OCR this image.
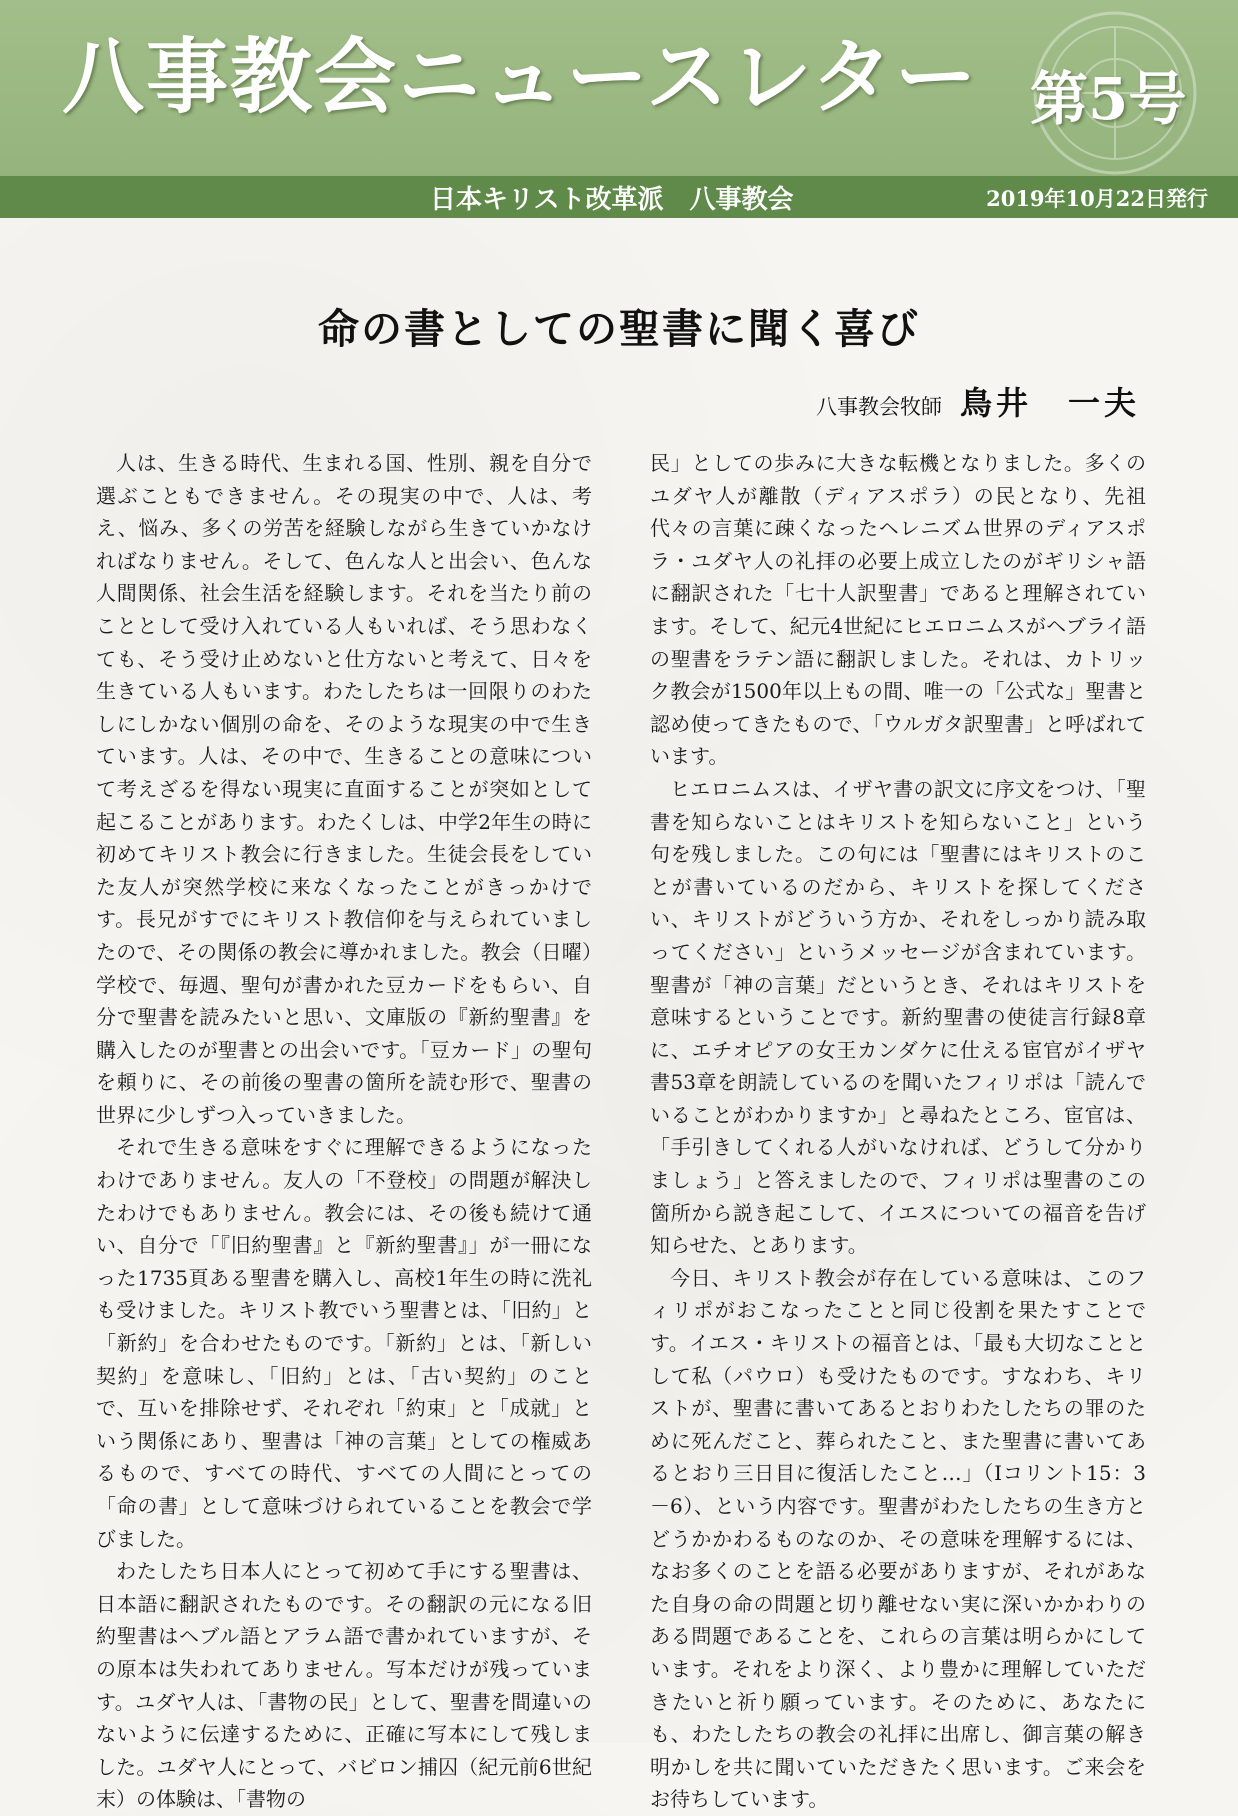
八事教会ニュースレター 第5号
日本キリスト改革派　八事教会	2019年10月22日発行
命の書としての聖書に聞く喜び
八事教会牧師 鳥井　一夫

人は、生きる時代、生まれる国、性別、親を自分で選ぶこともできません。その現実の中で、人は、考え、悩み、多くの労苦を経験しながら生きていかなければなりません。そして、色んな人と出会い、色んな人間関係、社会生活を経験します。それを当たり前のこととして受け入れている人もいれば、そう思わなくても、そう受け止めないと仕方ないと考えて、日々を生きている人もいます。わたしたちは一回限りのわたしにしかない個別の命を、そのような現実の中で生きています。人は、その中で、生きることの意味について考えざるを得ない現実に直面することが突如として起こることがあります。わたくしは、中学2年生の時に初めてキリスト教会に行きました。生徒会長をしていた友人が突然学校に来なくなったことがきっかけです。長兄がすでにキリスト教信仰を与えられていましたので、その関係の教会に導かれました。教会（日曜）学校で、毎週、聖句が書かれた豆カードをもらい、自分で聖書を読みたいと思い、文庫版の『新約聖書』を購入したのが聖書との出会いです。「豆カード」の聖句を頼りに、その前後の聖書の箇所を読む形で、聖書の世界に少しずつ入っていきました。

それで生きる意味をすぐに理解できるようになったわけでありません。友人の「不登校」の問題が解決したわけでもありません。教会には、その後も続けて通い、自分で「『旧約聖書』と『新約聖書』」が一冊になった1735頁ある聖書を購入し、高校1年生の時に洗礼も受けました。キリスト教でいう聖書とは、「旧約」と「新約」を合わせたものです。「新約」とは、「新しい契約」を意味し、「旧約」とは、「古い契約」のことで、互いを排除せず、それぞれ「約束」と「成就」という関係にあり、聖書は「神の言葉」としての権威あるもので、すべての時代、すべての人間にとっての「命の書」として意味づけられていることを教会で学びました。

わたしたち日本人にとって初めて手にする聖書は、日本語に翻訳されたものです。その翻訳の元になる旧約聖書はヘブル語とアラム語で書かれていますが、その原本は失われてありません。写本だけが残っています。ユダヤ人は、「書物の民」として、聖書を間違いのないように伝達するために、正確に写本にして残しました。ユダヤ人にとって、バビロン捕囚（紀元前6世紀末）の体験は、「書物の

民」としての歩みに大きな転機となりました。多くのユダヤ人が離散（ディアスポラ）の民となり、先祖代々の言葉に疎くなったヘレニズム世界のディアスポラ・ユダヤ人の礼拝の必要上成立したのがギリシャ語に翻訳された「七十人訳聖書」であると理解されています。そして、紀元4世紀にヒエロニムスがヘブライ語の聖書をラテン語に翻訳しました。それは、カトリック教会が1500年以上もの間、唯一の「公式な」聖書と認め使ってきたもので、「ウルガタ訳聖書」と呼ばれています。

ヒエロニムスは、イザヤ書の訳文に序文をつけ、「聖書を知らないことはキリストを知らないこと」という句を残しました。この句には「聖書にはキリストのことが書いているのだから、キリストを探してください、キリストがどういう方か、それをしっかり読み取ってください」というメッセージが含まれています。聖書が「神の言葉」だというとき、それはキリストを意味するということです。新約聖書の使徒言行録8章に、エチオピアの女王カンダケに仕える宦官がイザヤ書53章を朗読しているのを聞いたフィリポは「読んでいることがわかりますか」と尋ねたところ、宦官は、「手引きしてくれる人がいなければ、どうして分かりましょう」と答えましたので、フィリポは聖書のこの箇所から説き起こして、イエスについての福音を告げ知らせた、とあります。

今日、キリスト教会が存在している意味は、このフィリポがおこなったことと同じ役割を果たすことです。イエス・キリストの福音とは、「最も大切なこととして私（パウロ）も受けたものです。すなわち、キリストが、聖書に書いてあるとおりわたしたちの罪のために死んだこと、葬られたこと、また聖書に書いてあるとおり三日目に復活したこと…」（Iコリント15：3－6）、という内容です。聖書がわたしたちの生き方とどうかかわるものなのか、その意味を理解するには、なお多くのことを語る必要がありますが、それがあなた自身の命の問題と切り離せない実に深いかかわりのある問題であることを、これらの言葉は明らかにしています。それをより深く、より豊かに理解していただきたいと祈り願っています。そのために、あなたにも、わたしたちの教会の礼拝に出席し、御言葉の解き明かしを共に聞いていただきたく思います。ご来会をお待ちしています。
